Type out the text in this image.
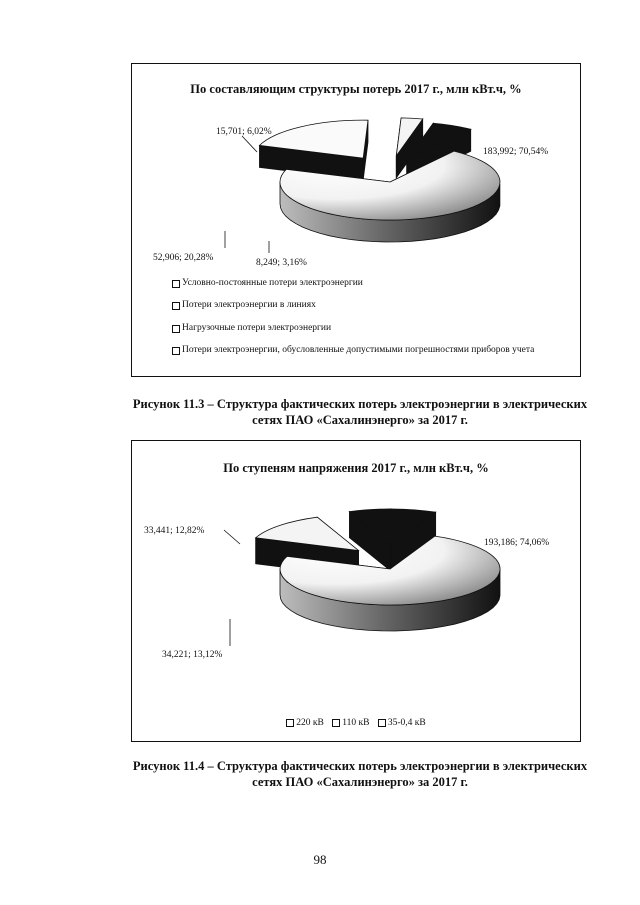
По составляющим структуры потерь 2017 г., млн кВт.ч, %
183,992; 70,54%
52,906; 20,28%	8,249; 3,16%
15,701; 6,02%
Условно-постоянные потери электроэнергии
Потери электроэнергии в линиях
Нагрузочные потери электроэнергии
Потери электроэнергии, обусловленные допустимыми погрешностями приборов учета
Рисунок 11.3 – Структура фактических потерь электроэнергии в электрических
сетях ПАО «Сахалинэнерго» за 2017 г.
По ступеням напряжения 2017 г., млн кВт.ч, %
193,186; 74,06%
34,221; 13,12%
33,441; 12,82%
220 кВ 110 кВ 35-0,4 кВ
Рисунок 11.4 – Структура фактических потерь электроэнергии в электрических
сетях ПАО «Сахалинэнерго» за 2017 г.
98
